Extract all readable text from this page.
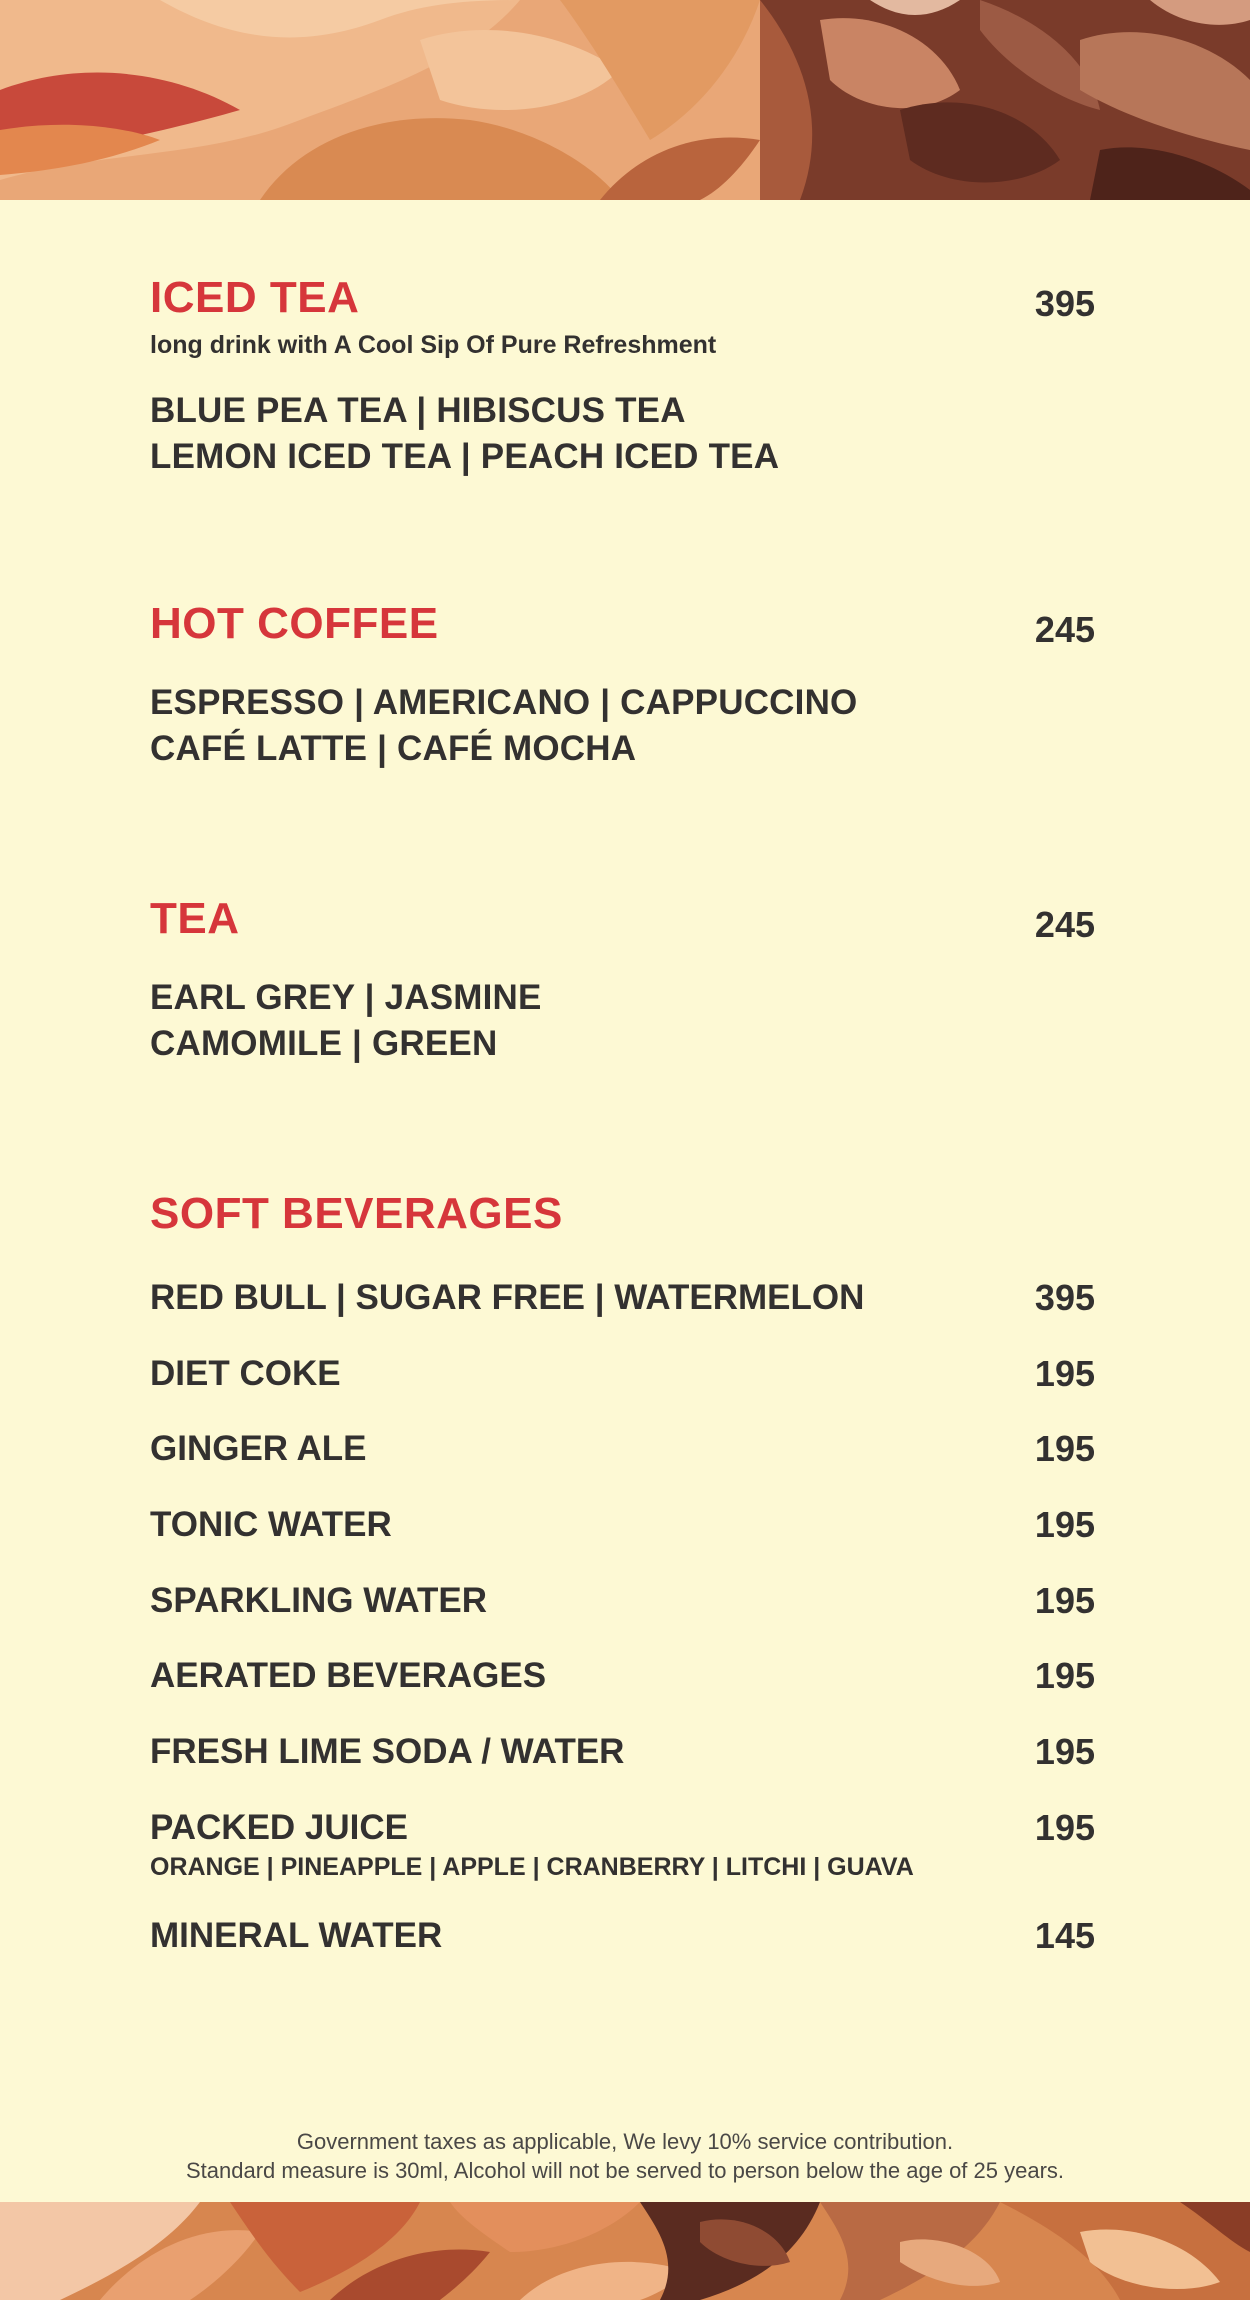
ICED TEA	395
long drink with A Cool Sip Of Pure Refreshment
BLUE PEA TEA | HIBISCUS TEA
LEMON ICED TEA | PEACH ICED TEA
HOT COFFEE	245
ESPRESSO | AMERICANO | CAPPUCCINO
CAFÉ LATTE | CAFÉ MOCHA
TEA	245
EARL GREY | JASMINE
CAMOMILE | GREEN
SOFT BEVERAGES
RED BULL | SUGAR FREE | WATERMELON	395
DIET COKE	195
GINGER ALE	195
TONIC WATER	195
SPARKLING WATER	195
AERATED BEVERAGES	195
FRESH LIME SODA / WATER	195
PACKED JUICE	195
ORANGE | PINEAPPLE | APPLE | CRANBERRY | LITCHI | GUAVA
MINERAL WATER	145
Government taxes as applicable, We levy 10% service contribution.
Standard measure is 30ml, Alcohol will not be served to person below the age of 25 years.
